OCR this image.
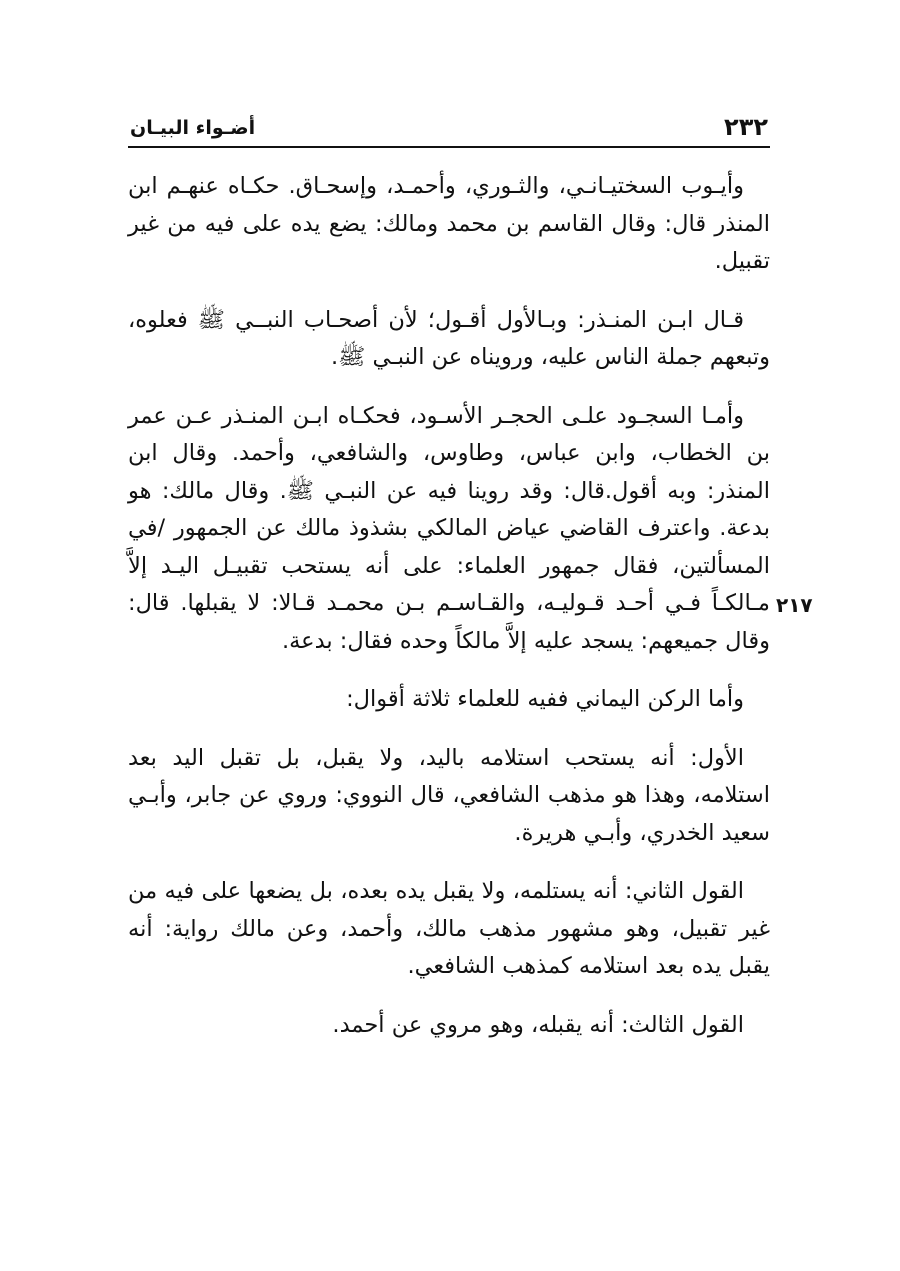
٢٣٢
أضـواء البيـان
٢١٧

وأيـوب السختيـانـي، والثـوري، وأحمـد، وإسحـاق. حكـاه عنهـم ابن المنذر قال: وقال القاسم بن محمد ومالك: يضع يده على فيه من غير تقبيل.

قـال ابـن المنـذر: وبـالأول أقـول؛ لأن أصحـاب النبــي ﷺ فعلوه، وتبعهم جملة الناس عليه، ورويناه عن النبـي ﷺ.

وأمـا السجـود علـى الحجـر الأسـود، فحكـاه ابـن المنـذر عـن عمر بن الخطاب، وابن عباس، وطاوس، والشافعي، وأحمد. وقال ابن المنذر: وبه أقول.قال: وقد روينا فيه عن النبـي ﷺ. وقال مالك: هو بدعة. واعترف القاضي عياض المالكي بشذوذ مالك عن الجمهور /في المسألتين، فقال جمهور العلماء: على أنه يستحب تقبيـل اليـد إلاَّ مـالكـاً فـي أحـد قـوليـه، والقـاسـم بـن محمـد قـالا: لا يقبلها. قال: وقال جميعهم: يسجد عليه إلاَّ مالكاً وحده فقال: بدعة.

وأما الركن اليماني ففيه للعلماء ثلاثة أقوال:

الأول: أنه يستحب استلامه باليد، ولا يقبل، بل تقبل اليد بعد استلامه، وهذا هو مذهب الشافعي، قال النووي: وروي عن جابر، وأبـي سعيد الخدري، وأبـي هريرة.

القول الثاني: أنه يستلمه، ولا يقبل يده بعده، بل يضعها على فيه من غير تقبيل، وهو مشهور مذهب مالك، وأحمد، وعن مالك رواية: أنه يقبل يده بعد استلامه كمذهب الشافعي.

القول الثالث: أنه يقبله، وهو مروي عن أحمد.
